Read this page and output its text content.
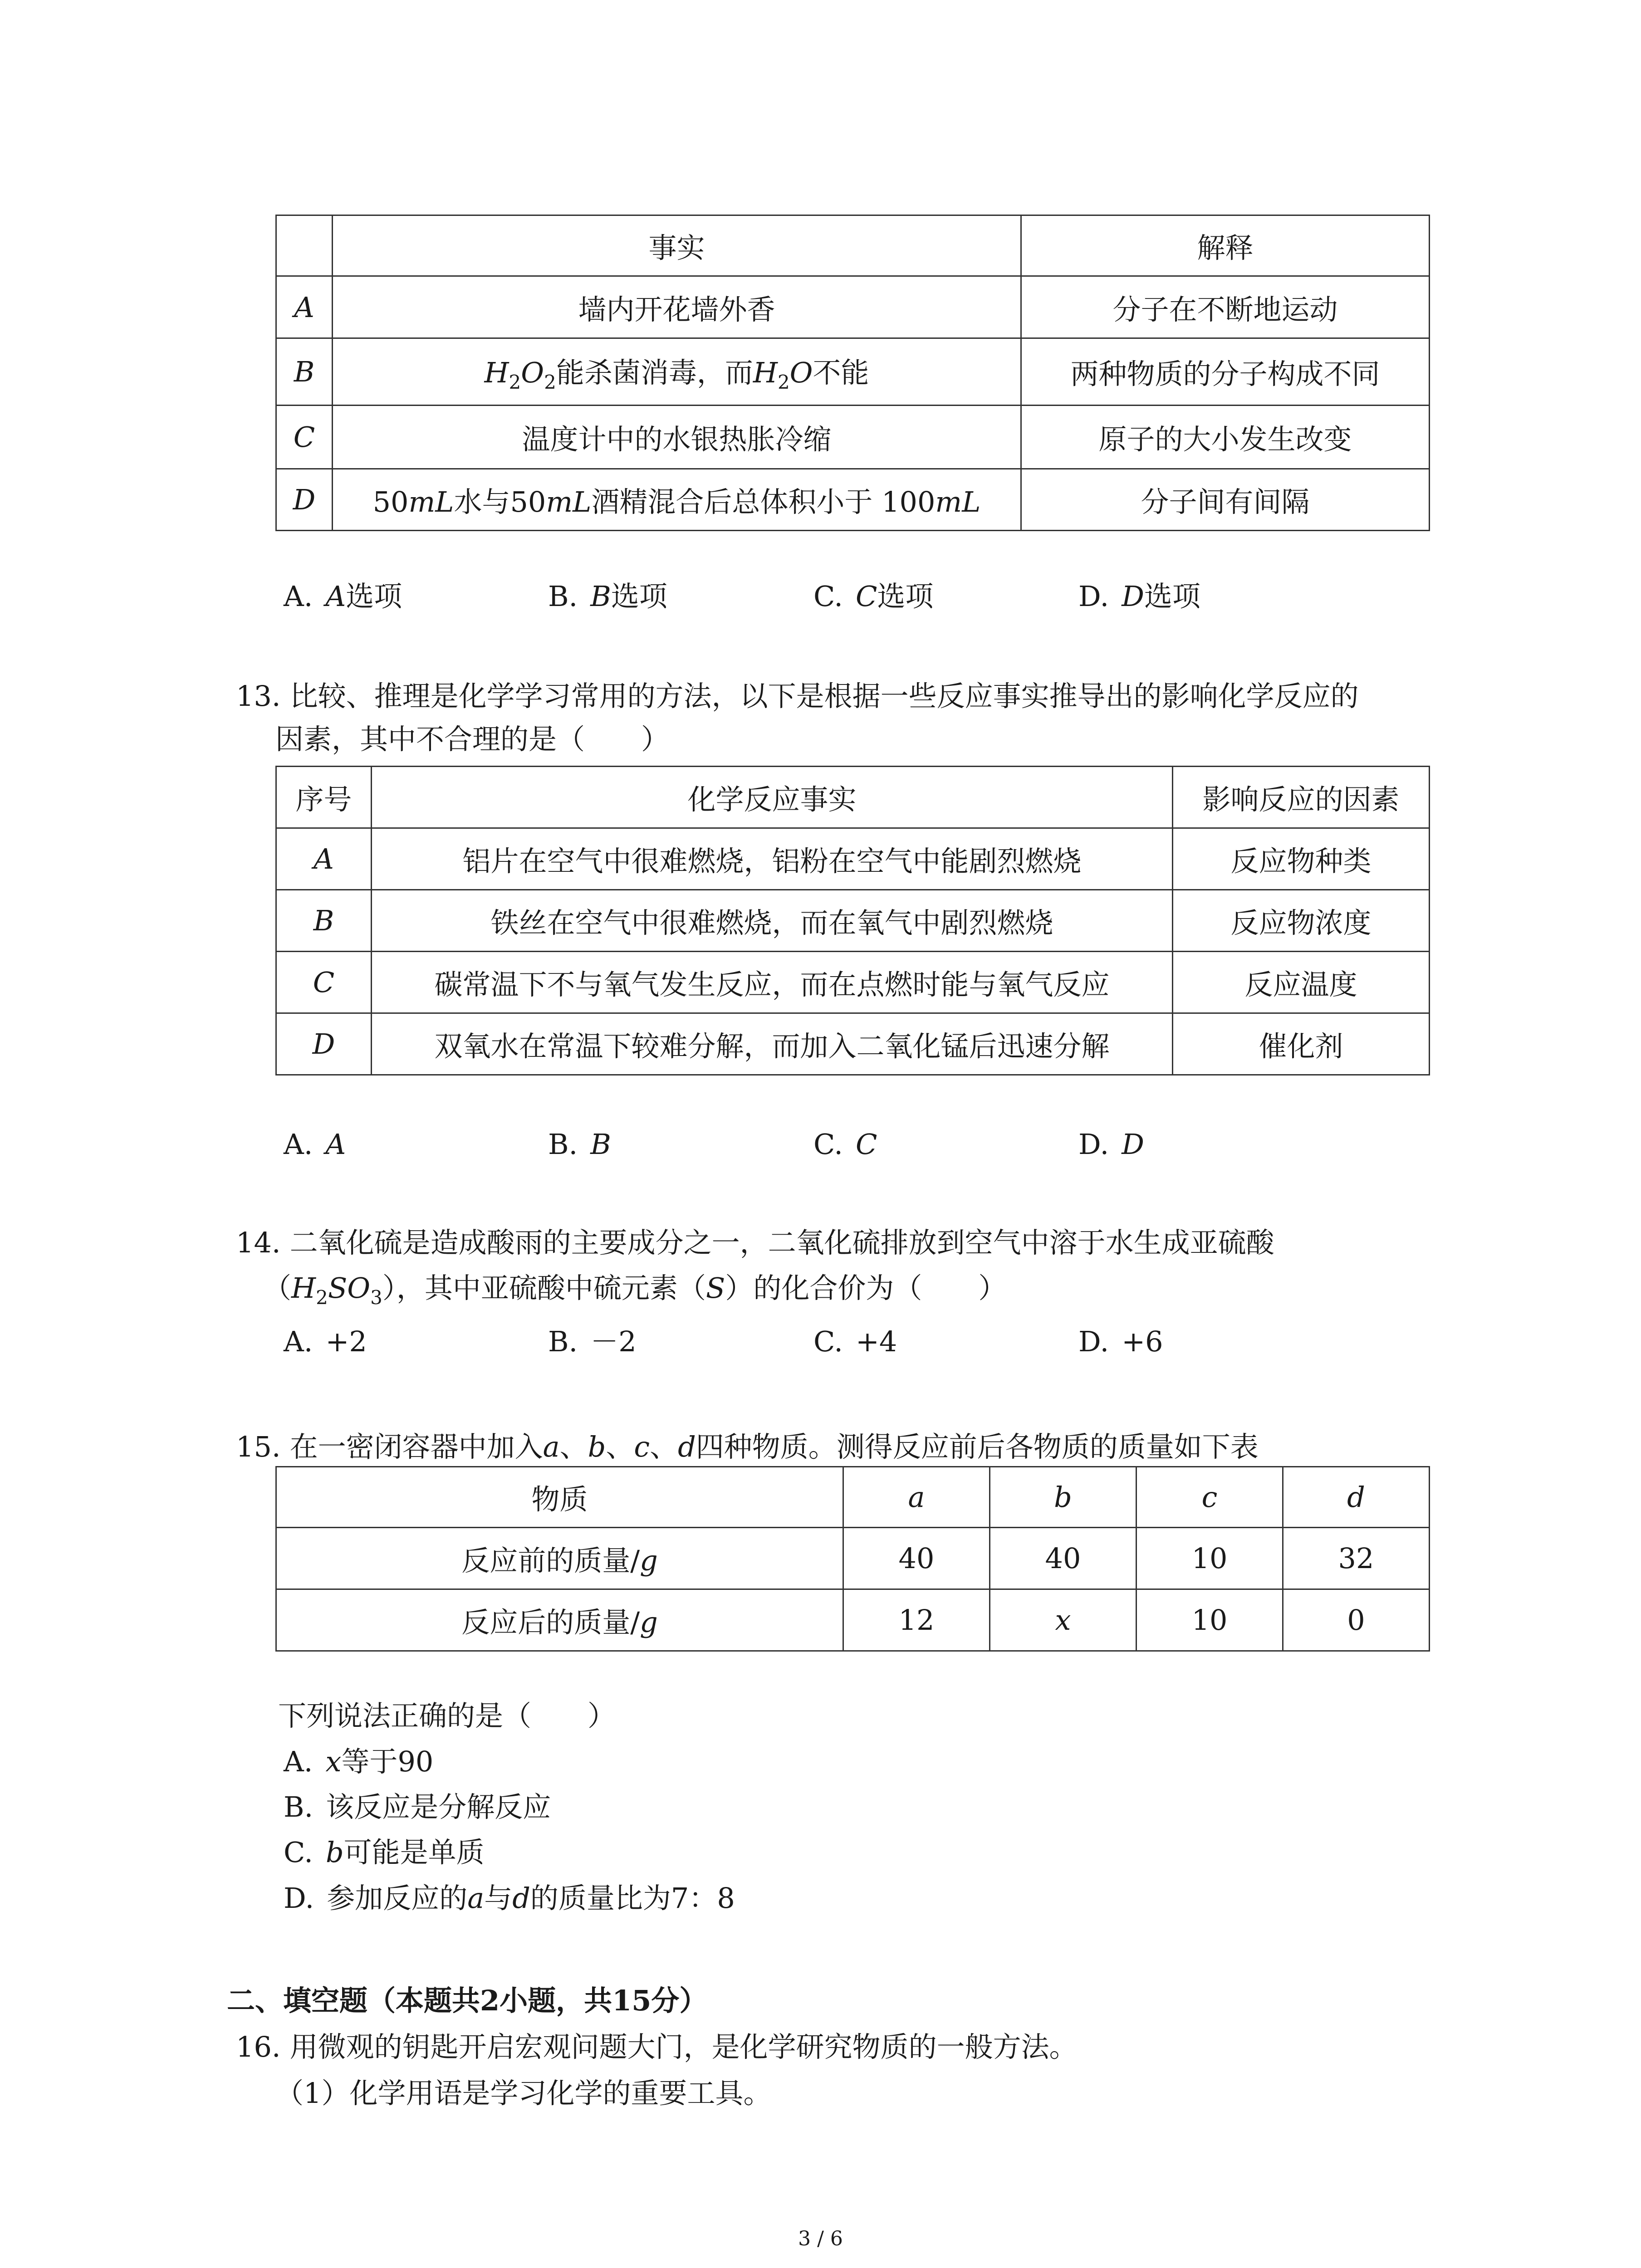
	事实	解释
A	墙内开花墙外香	分子在不断地运动
B	$H_2O_2$能杀菌消毒，而$H_2O$不能	两种物质的分子构成不同
C	温度计中的水银热胀冷缩	原子的大小发生改变
D	50mL水与50mL酒精混合后总体积小于 100mL	分子间有间隔
A. A选项	B. B选项	C. C选项	D. D选项
13. 比较、推理是化学学习常用的方法，以下是根据一些反应事实推导出的影响化学反应的
因素，其中不合理的是（　　）
序号	化学反应事实	影响反应的因素
A	铝片在空气中很难燃烧，铝粉在空气中能剧烈燃烧	反应物种类
B	铁丝在空气中很难燃烧，而在氧气中剧烈燃烧	反应物浓度
C	碳常温下不与氧气发生反应，而在点燃时能与氧气反应	反应温度
D	双氧水在常温下较难分解，而加入二氧化锰后迅速分解	催化剂
A. A	B. B	C. C	D. D
14. 二氧化硫是造成酸雨的主要成分之一，二氧化硫排放到空气中溶于水生成亚硫酸
$(H_2SO_3)$，其中亚硫酸中硫元素（S）的化合价为（　　）
A. +2	B. －2	C. +4	D. +6
15. 在一密闭容器中加入a、b、c、d四种物质。测得反应前后各物质的质量如下表
物质	a	b	c	d
反应前的质量/g	40	40	10	32
反应后的质量/g	12	x	10	0
下列说法正确的是（　　）
A. x等于90
B. 该反应是分解反应
C. b可能是单质
D. 参加反应的a与d的质量比为7：8
二、填空题（本题共2小题，共15分）
16. 用微观的钥匙开启宏观问题大门，是化学研究物质的一般方法。
（1）化学用语是学习化学的重要工具。
3 / 6
